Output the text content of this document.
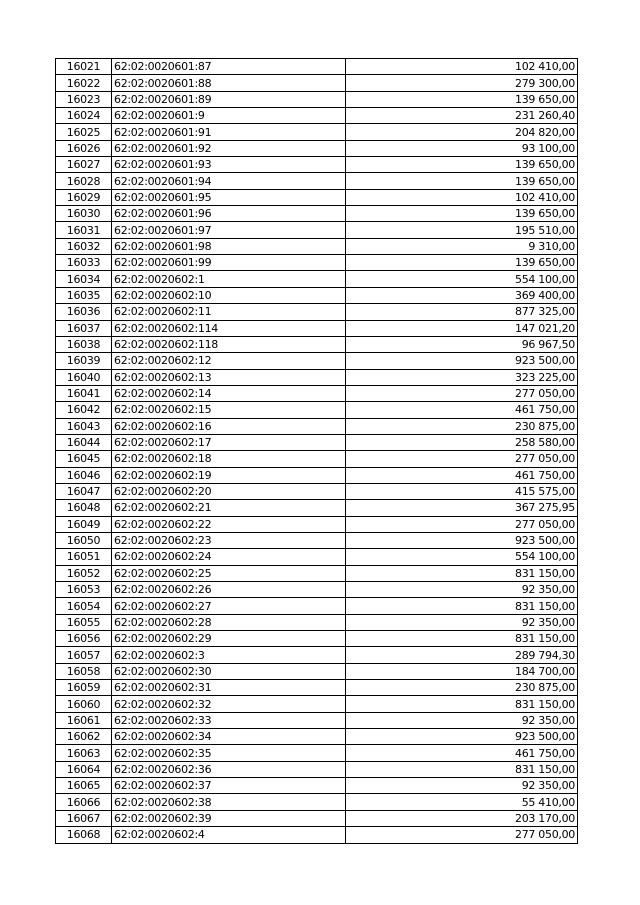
16021	62:02:0020601:87	102 410,00
16022	62:02:0020601:88	279 300,00
16023	62:02:0020601:89	139 650,00
16024	62:02:0020601:9	231 260,40
16025	62:02:0020601:91	204 820,00
16026	62:02:0020601:92	93 100,00
16027	62:02:0020601:93	139 650,00
16028	62:02:0020601:94	139 650,00
16029	62:02:0020601:95	102 410,00
16030	62:02:0020601:96	139 650,00
16031	62:02:0020601:97	195 510,00
16032	62:02:0020601:98	9 310,00
16033	62:02:0020601:99	139 650,00
16034	62:02:0020602:1	554 100,00
16035	62:02:0020602:10	369 400,00
16036	62:02:0020602:11	877 325,00
16037	62:02:0020602:114	147 021,20
16038	62:02:0020602:118	96 967,50
16039	62:02:0020602:12	923 500,00
16040	62:02:0020602:13	323 225,00
16041	62:02:0020602:14	277 050,00
16042	62:02:0020602:15	461 750,00
16043	62:02:0020602:16	230 875,00
16044	62:02:0020602:17	258 580,00
16045	62:02:0020602:18	277 050,00
16046	62:02:0020602:19	461 750,00
16047	62:02:0020602:20	415 575,00
16048	62:02:0020602:21	367 275,95
16049	62:02:0020602:22	277 050,00
16050	62:02:0020602:23	923 500,00
16051	62:02:0020602:24	554 100,00
16052	62:02:0020602:25	831 150,00
16053	62:02:0020602:26	92 350,00
16054	62:02:0020602:27	831 150,00
16055	62:02:0020602:28	92 350,00
16056	62:02:0020602:29	831 150,00
16057	62:02:0020602:3	289 794,30
16058	62:02:0020602:30	184 700,00
16059	62:02:0020602:31	230 875,00
16060	62:02:0020602:32	831 150,00
16061	62:02:0020602:33	92 350,00
16062	62:02:0020602:34	923 500,00
16063	62:02:0020602:35	461 750,00
16064	62:02:0020602:36	831 150,00
16065	62:02:0020602:37	92 350,00
16066	62:02:0020602:38	55 410,00
16067	62:02:0020602:39	203 170,00
16068	62:02:0020602:4	277 050,00
